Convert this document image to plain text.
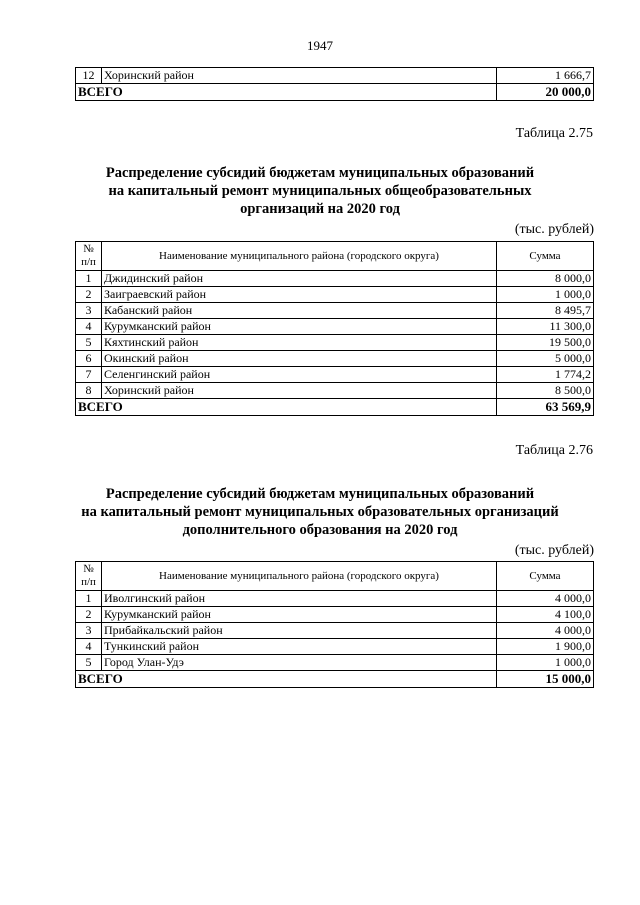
1947
12	Хоринский район	1 666,7
ВСЕГО		20 000,0
Таблица 2.75
Распределение субсидий бюджетам муниципальных образований
на капитальный ремонт муниципальных общеобразовательных
организаций на 2020 год
(тыс. рублей)
№
п/п	Наименование муниципального района (городского округа)	Сумма
1	Джидинский район	8 000,0
2	Заиграевский район	1 000,0
3	Кабанский район	8 495,7
4	Курумканский район	11 300,0
5	Кяхтинский район	19 500,0
6	Окинский район	5 000,0
7	Селенгинский район	1 774,2
8	Хоринский район	8 500,0
ВСЕГО		63 569,9
Таблица 2.76
Распределение субсидий бюджетам муниципальных образований
на капитальный ремонт муниципальных образовательных организаций
дополнительного образования на 2020 год
(тыс. рублей)
№
п/п	Наименование муниципального района (городского округа)	Сумма
1	Иволгинский район	4 000,0
2	Курумканский район	4 100,0
3	Прибайкальский район	4 000,0
4	Тункинский район	1 900,0
5	Город Улан-Удэ	1 000,0
ВСЕГО		15 000,0
